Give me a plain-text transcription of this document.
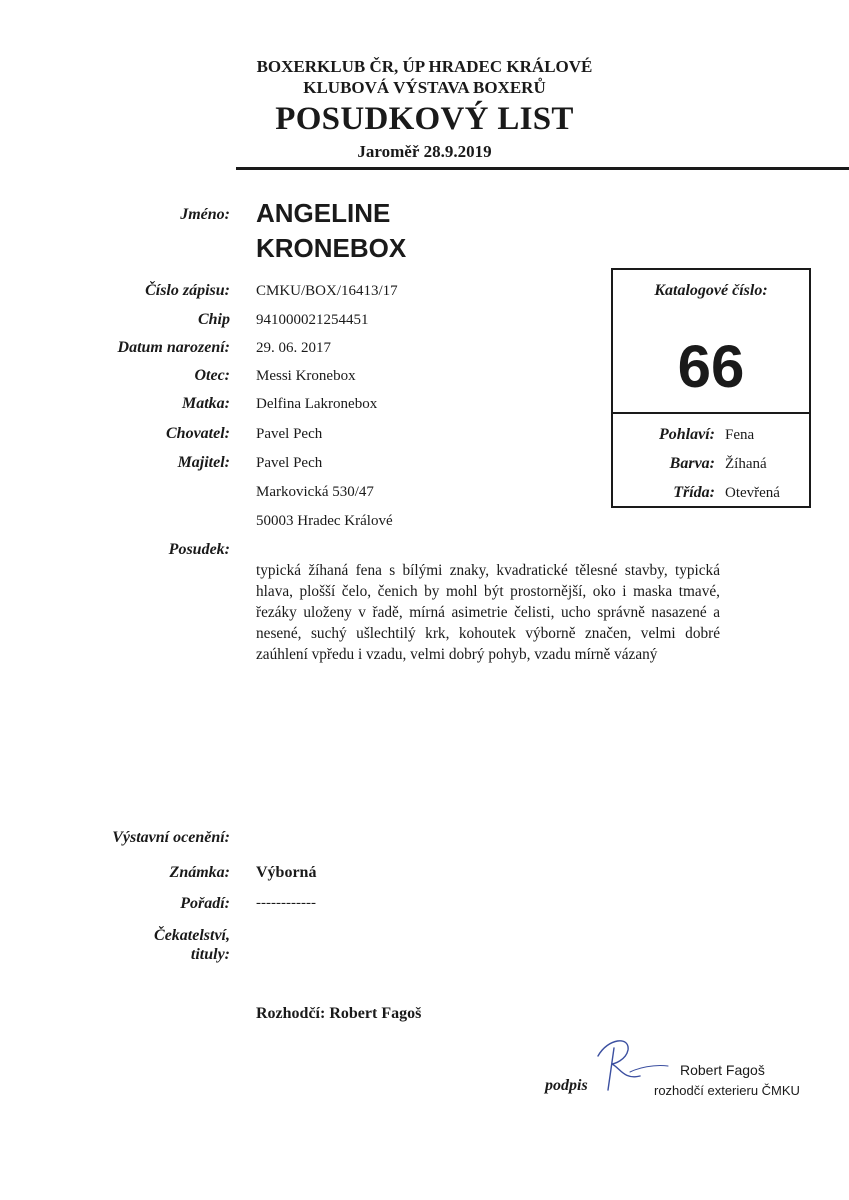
BOXERKLUB ČR, ÚP HRADEC KRÁLOVÉ
KLUBOVÁ VÝSTAVA BOXERŮ
POSUDKOVÝ LIST
Jaroměř 28.9.2019
Jméno: ANGELINE
KRONEBOX
Číslo zápisu: CMKU/BOX/16413/17
Chip 941000021254451
Datum narození: 29. 06. 2017
Otec: Messi Kronebox
Matka: Delfina Lakronebox
Chovatel: Pavel Pech
Majitel: Pavel Pech
Markovická 530/47
50003 Hradec Králové
Katalogové číslo:
66
Pohlaví: Fena
Barva: Žíhaná
Třída: Otevřená
Posudek:
typická žíhaná fena s bílými znaky, kvadratické tělesné stavby, typická hlava, plošší čelo, čenich by mohl být prostornější, oko i maska tmavé, řezáky uloženy v řadě, mírná asimetrie čelisti, ucho správně nasazené a nesené, suchý ušlechtilý krk, kohoutek výborně značen, velmi dobré zaúhlení vpředu i vzadu, velmi dobrý pohyb, vzadu mírně vázaný
Výstavní ocenění:
Známka: Výborná
Pořadí: ------------
Čekatelství,
tituly:
Rozhodčí: Robert Fagoš
podpis
Robert Fagoš
rozhodčí exterieru ČMKU
